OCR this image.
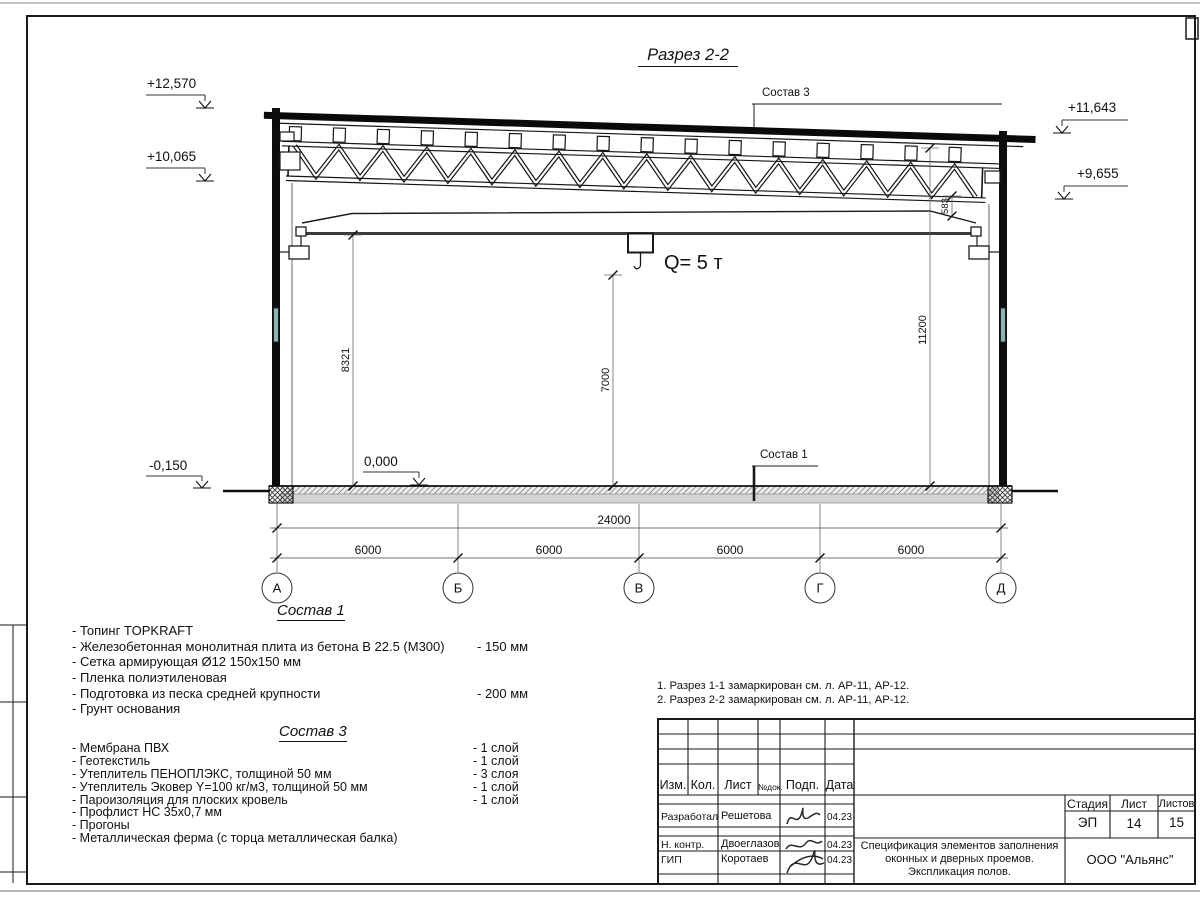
24000
6000	6000	6000	6000
8321
7000
11200
583
А	Б	В	Г	Д
Разрез 2-2
Состав 3
Состав 1
Q= 5 т
+12,570
+10,065
+11,643
+9,655
-0,150	0,000
Состав 1
- Топинг TOPKRAFT
- Железобетонная монолитная плита из бетона В 22.5 (М300) - 150 мм
- Сетка армирующая Ø12 150х150 мм
- Пленка полиэтиленовая
- Подготовка из песка средней крупности	- 200 мм
- Грунт основания
Состав 3
- Мембрана ПВХ	- 1 слой
- Геотекстиль	- 1 слой
- Утеплитель ПЕНОПЛЭКС, толщиной 50 мм	- 3 слоя
- Утеплитель Эковер Y=100 кг/м3, толщиной 50 мм	- 1 слой
- Пароизоляция для плоских кровель	- 1 слой
- Профлист НС 35х0,7 мм
- Прогоны
- Металлическая ферма (с торца металлическая балка)
1. Разрез 1-1 замаркирован см. л. АР-11, АР-12.
2. Разрез 2-2 замаркирован см. л. АР-11, АР-12.
Изм. Кол. Лист №док. Подп. Дата
Разработал Решетова	04.23
Н. контр. Двоеглазов	04.23
ГИП	Коротаев	04.23
Стадия	Лист	Листов
ЭП	14	15
Спецификация элементов заполнения
оконных и дверных проемов.
Экспликация полов.
ООО "Альянс"
